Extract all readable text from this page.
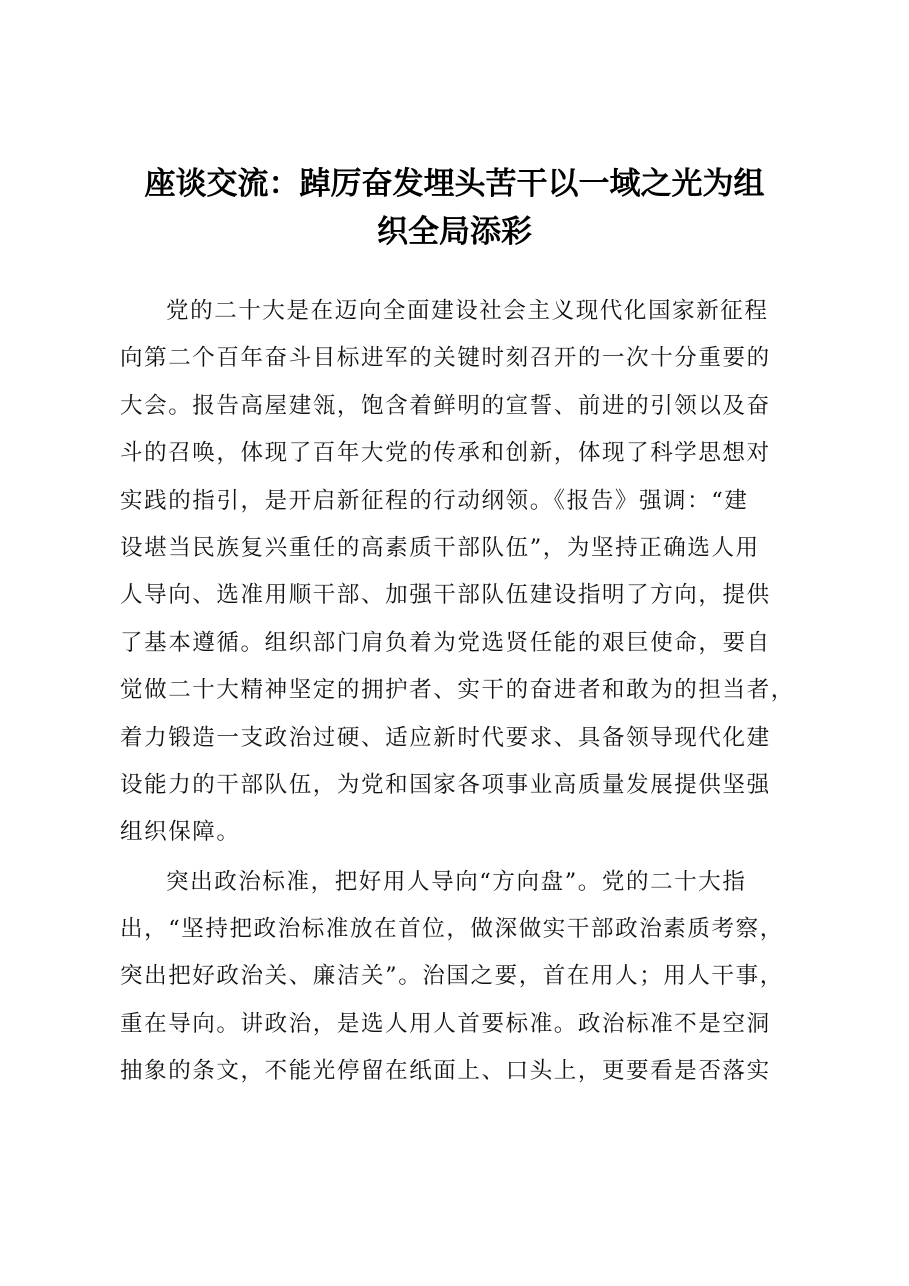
座谈交流：踔厉奋发埋头苦干以一域之光为组
织全局添彩
党的二十大是在迈向全面建设社会主义现代化国家新征程
向第二个百年奋斗目标进军的关键时刻召开的一次十分重要的
大会。报告高屋建瓴，饱含着鲜明的宣誓、前进的引领以及奋
斗的召唤，体现了百年大党的传承和创新，体现了科学思想对
实践的指引，是开启新征程的行动纲领。《报告》强调：“建
设堪当民族复兴重任的高素质干部队伍”，为坚持正确选人用
人导向、选准用顺干部、加强干部队伍建设指明了方向，提供
了基本遵循。组织部门肩负着为党选贤任能的艰巨使命，要自
觉做二十大精神坚定的拥护者、实干的奋进者和敢为的担当者，
着力锻造一支政治过硬、适应新时代要求、具备领导现代化建
设能力的干部队伍，为党和国家各项事业高质量发展提供坚强
组织保障。
突出政治标准，把好用人导向“方向盘”。党的二十大指
出，“坚持把政治标准放在首位，做深做实干部政治素质考察，
突出把好政治关、廉洁关”。治国之要，首在用人；用人干事，
重在导向。讲政治，是选人用人首要标准。政治标准不是空洞
抽象的条文，不能光停留在纸面上、口头上，更要看是否落实
